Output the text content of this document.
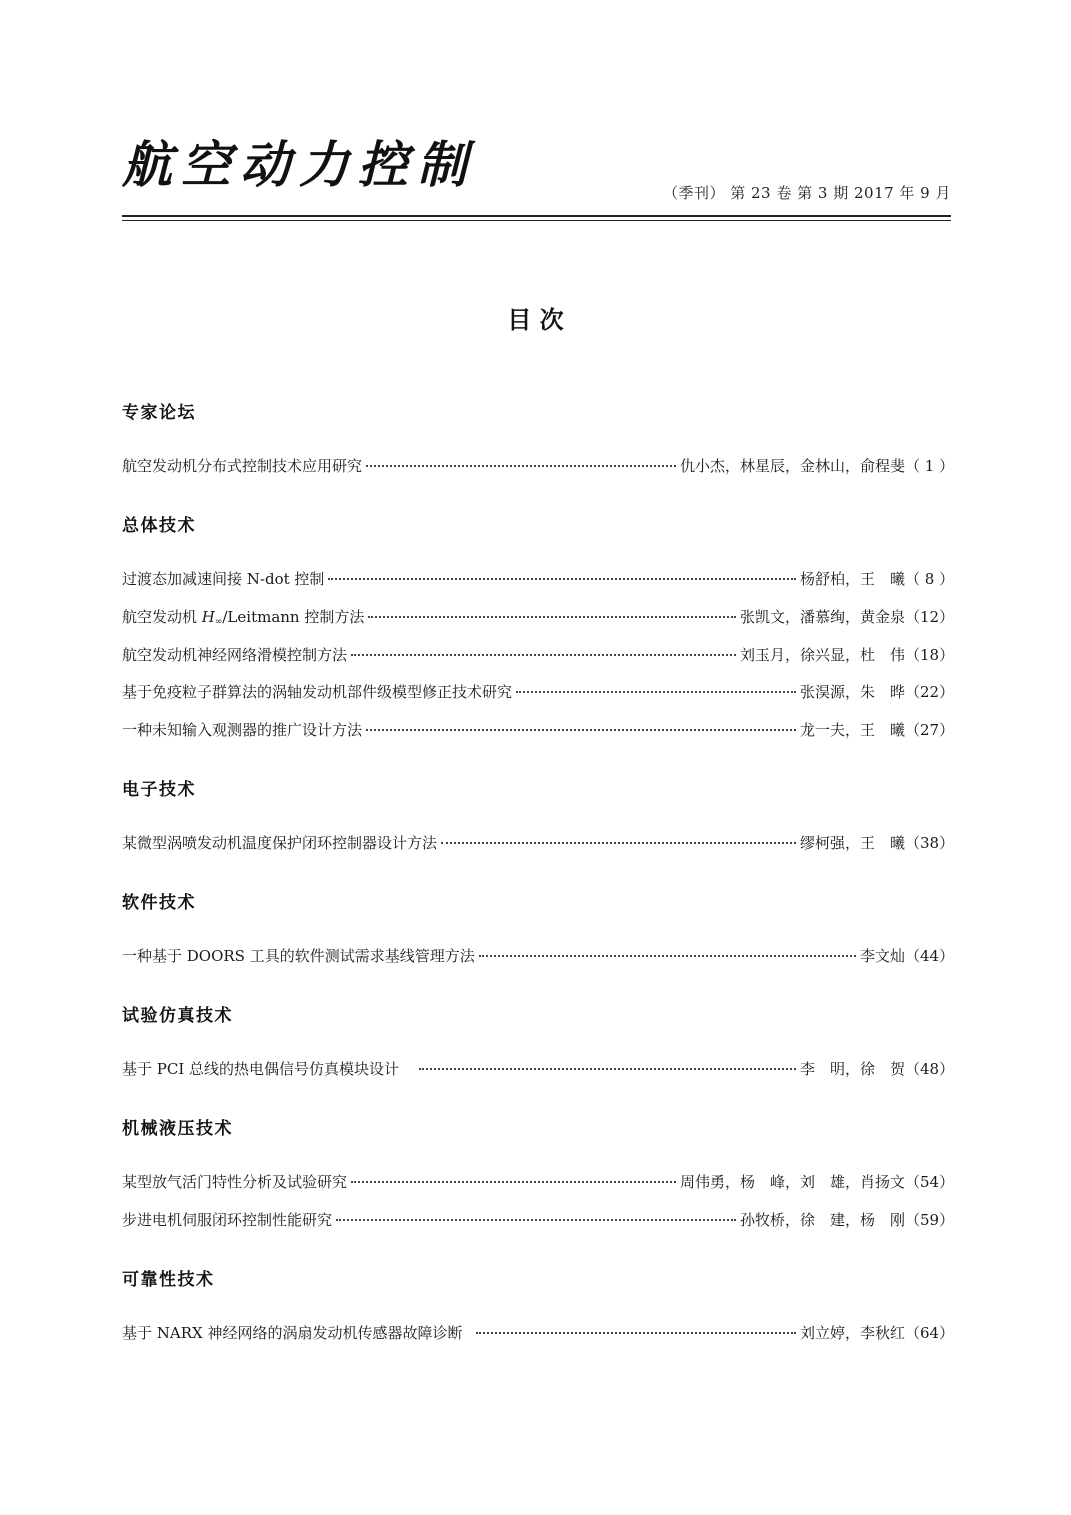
航空动力控制	（季刊） 第 23 卷 第 3 期 2017 年 9 月
目 次
专家论坛
航空发动机分布式控制技术应用研究	仇小杰，林星辰，金林山，俞程斐 （ 1 ）
总体技术
过渡态加减速间接 N-dot 控制	杨舒柏，王　曦 （ 8 ）
航空发动机 $H_\infty$/Leitmann 控制方法	张凯文，潘慕绚，黄金泉 （12）
航空发动机神经网络滑模控制方法	刘玉月，徐兴显，杜　伟 （18）
基于免疫粒子群算法的涡轴发动机部件级模型修正技术研究	张淏源，朱　晔 （22）
一种未知输入观测器的推广设计方法	龙一夫，王　曦 （27）
电子技术
某微型涡喷发动机温度保护闭环控制器设计方法	缪柯强，王　曦 （38）
软件技术
一种基于 DOORS 工具的软件测试需求基线管理方法	李文灿 （44）
试验仿真技术
基于 PCI 总线的热电偶信号仿真模块设计	李　明，徐　贺 （48）
机械液压技术
某型放气活门特性分析及试验研究	周伟勇，杨　峰，刘　雄，肖扬文 （54）
步进电机伺服闭环控制性能研究	孙牧桥，徐　建，杨　刚 （59）
可靠性技术
基于 NARX 神经网络的涡扇发动机传感器故障诊断	刘立婷，李秋红 （64）
